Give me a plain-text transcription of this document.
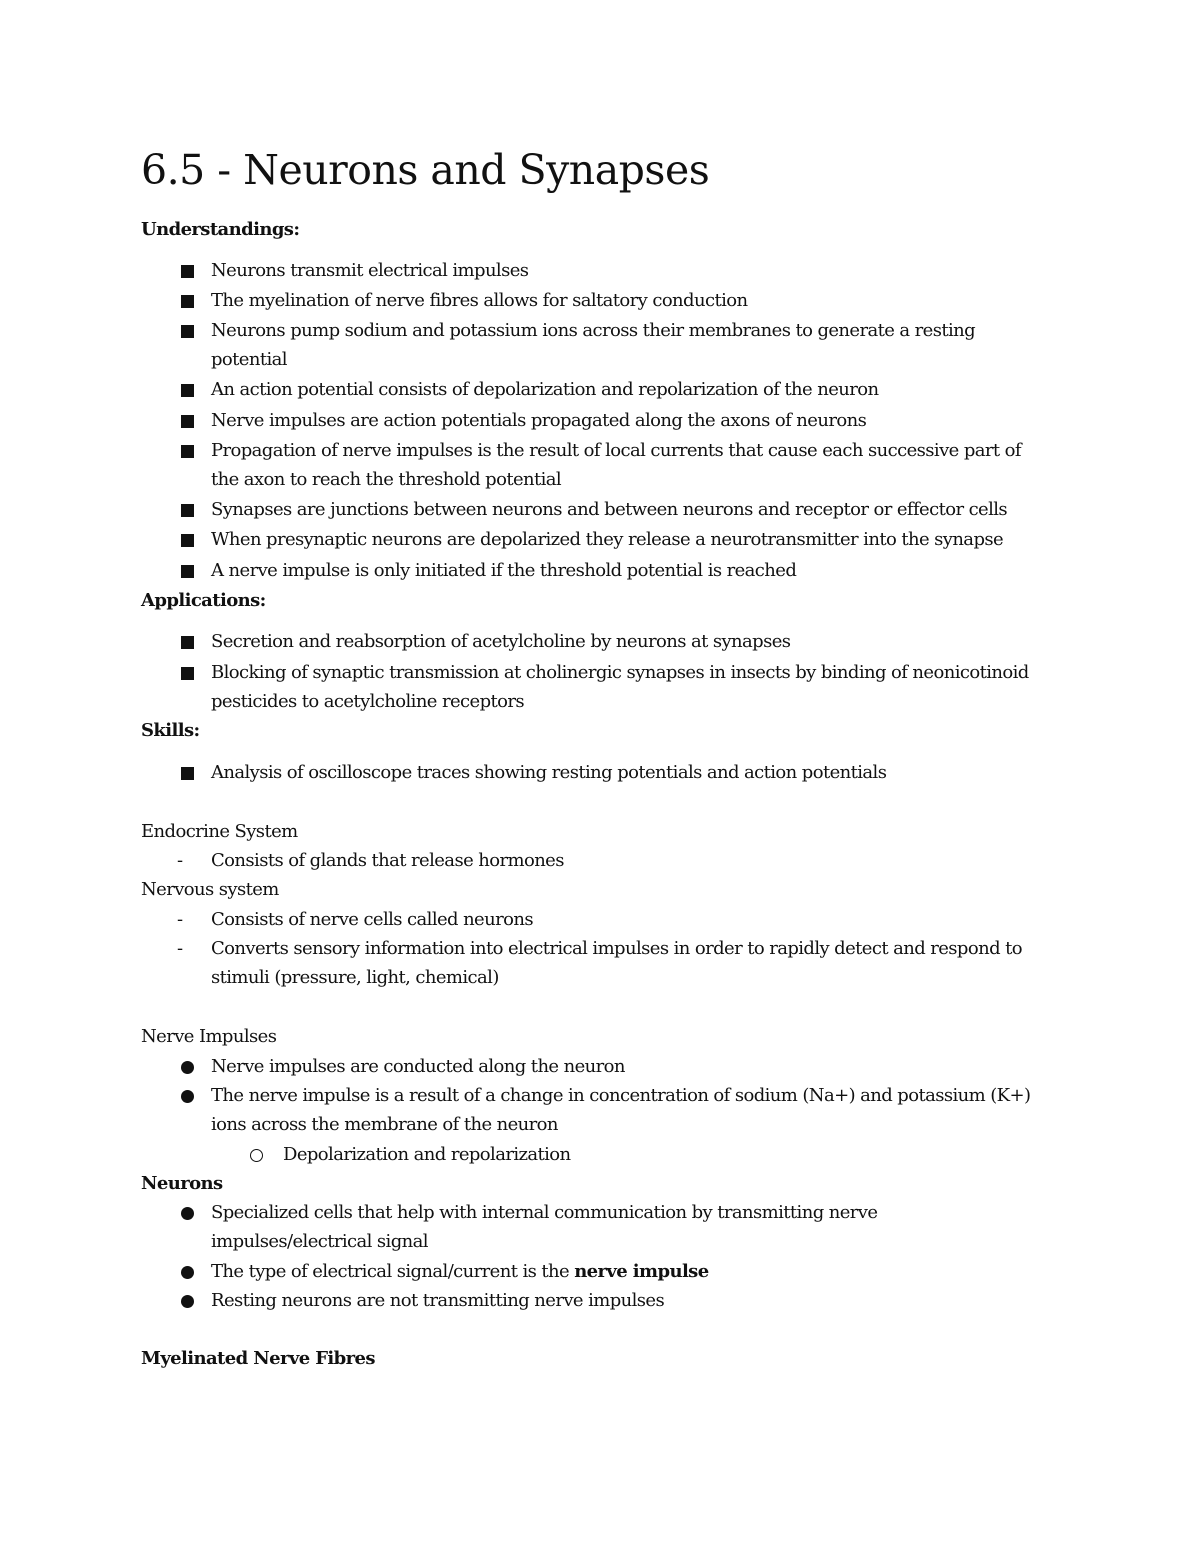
6.5 - Neurons and Synapses
Understandings:
Neurons transmit electrical impulses
The myelination of nerve fibres allows for saltatory conduction
Neurons pump sodium and potassium ions across their membranes to generate a resting
potential
An action potential consists of depolarization and repolarization of the neuron
Nerve impulses are action potentials propagated along the axons of neurons
Propagation of nerve impulses is the result of local currents that cause each successive part of
the axon to reach the threshold potential
Synapses are junctions between neurons and between neurons and receptor or effector cells
When presynaptic neurons are depolarized they release a neurotransmitter into the synapse
A nerve impulse is only initiated if the threshold potential is reached
Applications:
Secretion and reabsorption of acetylcholine by neurons at synapses
Blocking of synaptic transmission at cholinergic synapses in insects by binding of neonicotinoid
pesticides to acetylcholine receptors
Skills:
Analysis of oscilloscope traces showing resting potentials and action potentials
Endocrine System
- Consists of glands that release hormones
Nervous system
- Consists of nerve cells called neurons
- Converts sensory information into electrical impulses in order to rapidly detect and respond to
stimuli (pressure, light, chemical)
Nerve Impulses
Nerve impulses are conducted along the neuron
The nerve impulse is a result of a change in concentration of sodium (Na+) and potassium (K+)
ions across the membrane of the neuron
Depolarization and repolarization
Neurons
Specialized cells that help with internal communication by transmitting nerve
impulses/electrical signal
The type of electrical signal/current is the nerve impulse
Resting neurons are not transmitting nerve impulses
Myelinated Nerve Fibres
